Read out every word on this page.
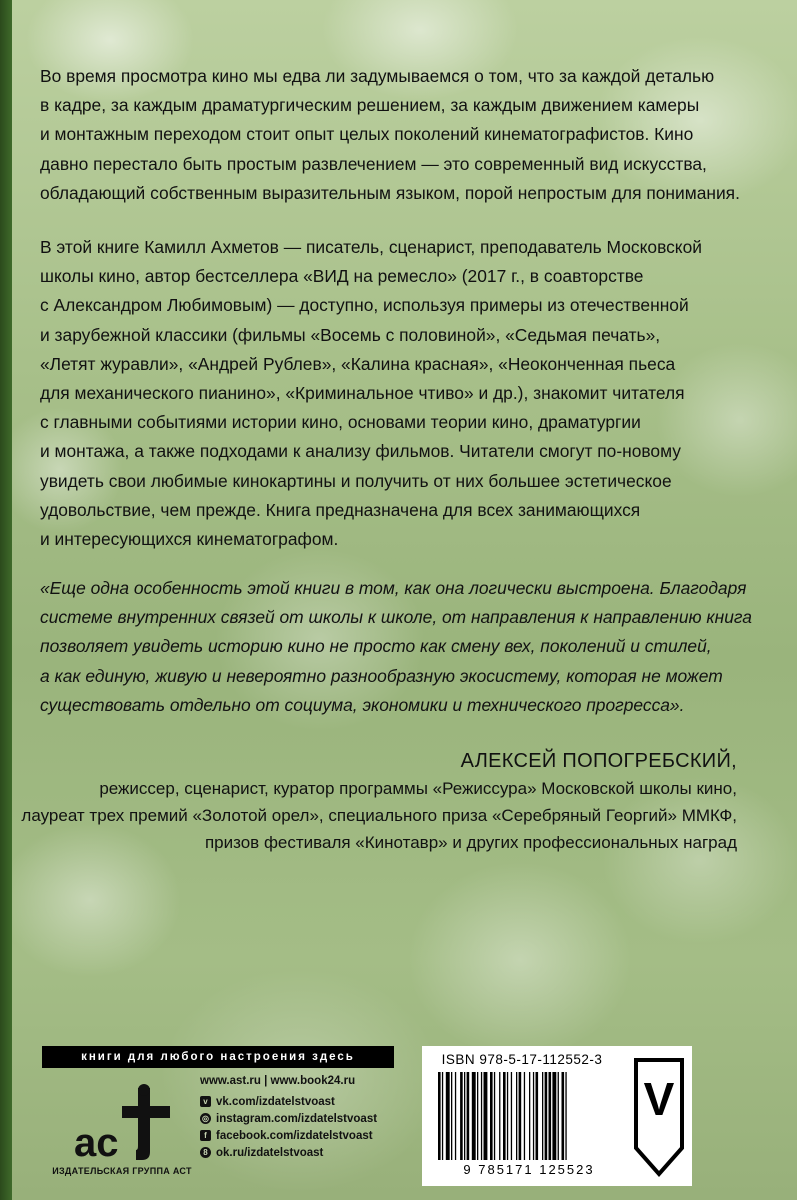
Во время просмотра кино мы едва ли задумываемся о том, что за каждой деталью
в кадре, за каждым драматургическим решением, за каждым движением камеры
и монтажным переходом стоит опыт целых поколений кинематографистов. Кино
давно перестало быть простым развлечением — это современный вид искусства,
обладающий собственным выразительным языком, порой непростым для понимания.
В этой книге Камилл Ахметов — писатель, сценарист, преподаватель Московской
школы кино, автор бестселлера «ВИД на ремесло» (2017 г., в соавторстве
с Александром Любимовым) — доступно, используя примеры из отечественной
и зарубежной классики (фильмы «Восемь с половиной», «Седьмая печать»,
«Летят журавли», «Андрей Рублев», «Калина красная», «Неоконченная пьеса
для механического пианино», «Криминальное чтиво» и др.), знакомит читателя
с главными событиями истории кино, основами теории кино, драматургии
и монтажа, а также подходами к анализу фильмов. Читатели смогут по-новому
увидеть свои любимые кинокартины и получить от них большее эстетическое
удовольствие, чем прежде. Книга предназначена для всех занимающихся
и интересующихся кинематографом.
«Еще одна особенность этой книги в том, как она логически выстроена. Благодаря
системе внутренних связей от школы к школе, от направления к направлению книга
позволяет увидеть историю кино не просто как смену вех, поколений и стилей,
а как единую, живую и невероятно разнообразную экосистему, которая не может
существовать отдельно от социума, экономики и технического прогресса».
АЛЕКСЕЙ ПОПОГРЕБСКИЙ,
режиссер, сценарист, куратор программы «Режиссура» Московской школы кино,
лауреат трех премий «Золотой орел», специального приза «Серебряный Георгий» ММКФ,
призов фестиваля «Кинотавр» и других профессиональных наград
книги для любого настроения здесь
ac
ИЗДАТЕЛЬСКАЯ ГРУППА АСТ
www.ast.ru | www.book24.ru
v vk.com/izdatelstvoast
◎ instagram.com/izdatelstvoast
f facebook.com/izdatelstvoast
8 ok.ru/izdatelstvoast
ISBN 978-5-17-112552-3
9 785171 125523
V
